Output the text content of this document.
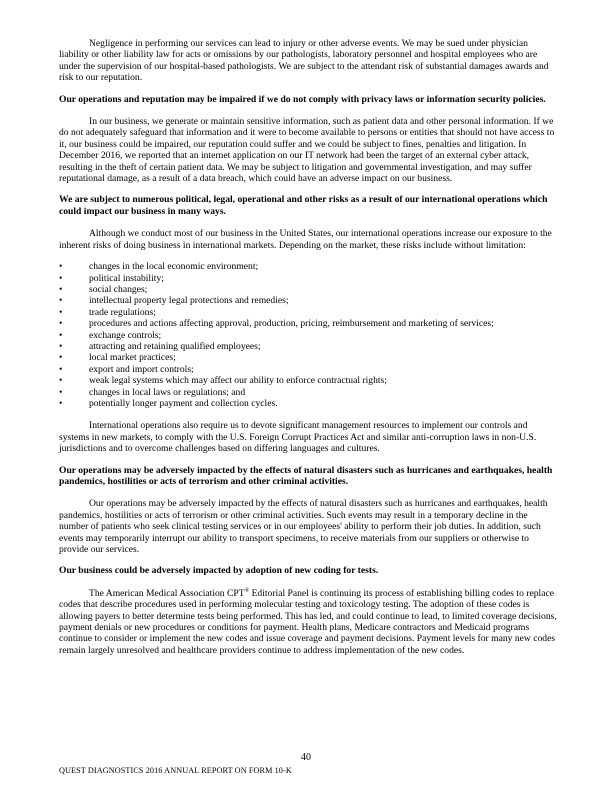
Negligence in performing our services can lead to injury or other adverse events. We may be sued under physician liability or other liability law for acts or omissions by our pathologists, laboratory personnel and hospital employees who are under the supervision of our hospital-based pathologists. We are subject to the attendant risk of substantial damages awards and risk to our reputation.

Our operations and reputation may be impaired if we do not comply with privacy laws or information security policies.

In our business, we generate or maintain sensitive information, such as patient data and other personal information. If we do not adequately safeguard that information and it were to become available to persons or entities that should not have access to it, our business could be impaired, our reputation could suffer and we could be subject to fines, penalties and litigation. In December 2016, we reported that an internet application on our IT network had been the target of an external cyber attack, resulting in the theft of certain patient data. We may be subject to litigation and governmental investigation, and may suffer reputational damage, as a result of a data breach, which could have an adverse impact on our business.

We are subject to numerous political, legal, operational and other risks as a result of our international operations which could impact our business in many ways.

Although we conduct most of our business in the United States, our international operations increase our exposure to the inherent risks of doing business in international markets. Depending on the market, these risks include without limitation:

•
changes in the local economic environment;
•
political instability;
•
social changes;
•
intellectual property legal protections and remedies;
•
trade regulations;
•
procedures and actions affecting approval, production, pricing, reimbursement and marketing of services;
•
exchange controls;
•
attracting and retaining qualified employees;
•
local market practices;
•
export and import controls;
•
weak legal systems which may affect our ability to enforce contractual rights;
•
changes in local laws or regulations; and
•
potentially longer payment and collection cycles.

International operations also require us to devote significant management resources to implement our controls and systems in new markets, to comply with the U.S. Foreign Corrupt Practices Act and similar anti-corruption laws in non-U.S. jurisdictions and to overcome challenges based on differing languages and cultures.

Our operations may be adversely impacted by the effects of natural disasters such as hurricanes and earthquakes, health pandemics, hostilities or acts of terrorism and other criminal activities.

Our operations may be adversely impacted by the effects of natural disasters such as hurricanes and earthquakes, health pandemics, hostilities or acts of terrorism or other criminal activities. Such events may result in a temporary decline in the number of patients who seek clinical testing services or in our employees' ability to perform their job duties. In addition, such events may temporarily interrupt our ability to transport specimens, to receive materials from our suppliers or otherwise to provide our services.

Our business could be adversely impacted by adoption of new coding for tests.

The American Medical Association CPT® Editorial Panel is continuing its process of establishing billing codes to replace codes that describe procedures used in performing molecular testing and toxicology testing. The adoption of these codes is allowing payers to better determine tests being performed. This has led, and could continue to lead, to limited coverage decisions, payment denials or new procedures or conditions for payment. Health plans, Medicare contractors and Medicaid programs continue to consider or implement the new codes and issue coverage and payment decisions. Payment levels for many new codes remain largely unresolved and healthcare providers continue to address implementation of the new codes.

40
QUEST DIAGNOSTICS 2016 ANNUAL REPORT ON FORM 10-K
